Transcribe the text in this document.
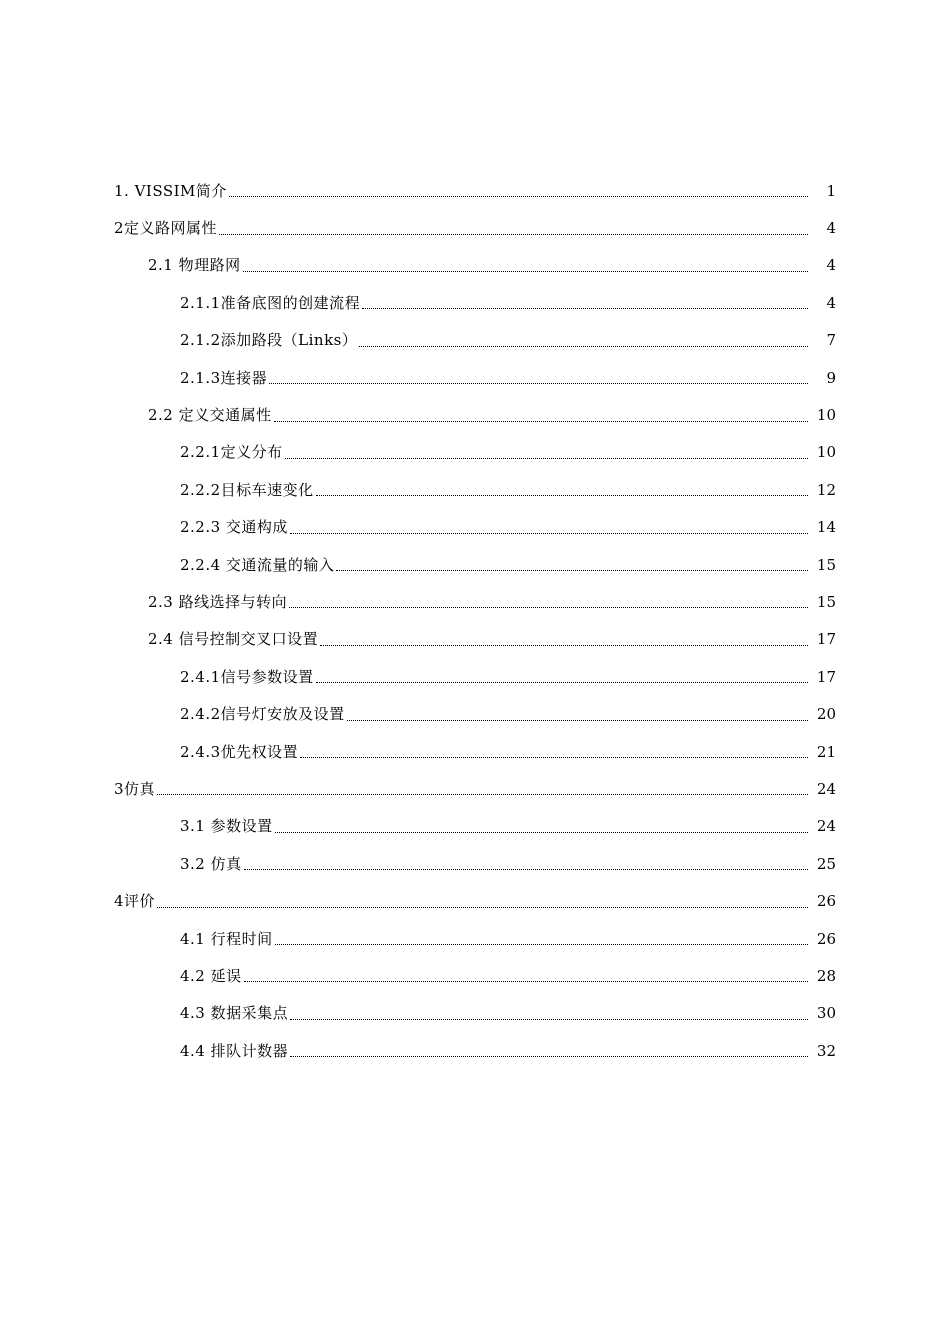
1. VISSIM简介	1
2定义路网属性	4
2.1 物理路网	4
2.1.1准备底图的创建流程	4
2.1.2添加路段（Links）	7
2.1.3连接器	9
2.2 定义交通属性	10
2.2.1定义分布	10
2.2.2目标车速变化	12
2.2.3 交通构成	14
2.2.4 交通流量的输入	15
2.3 路线选择与转向	15
2.4 信号控制交叉口设置	17
2.4.1信号参数设置	17
2.4.2信号灯安放及设置	20
2.4.3优先权设置	21
3仿真	24
3.1 参数设置	24
3.2 仿真	25
4评价	26
4.1 行程时间	26
4.2 延误	28
4.3 数据采集点	30
4.4 排队计数器	32
